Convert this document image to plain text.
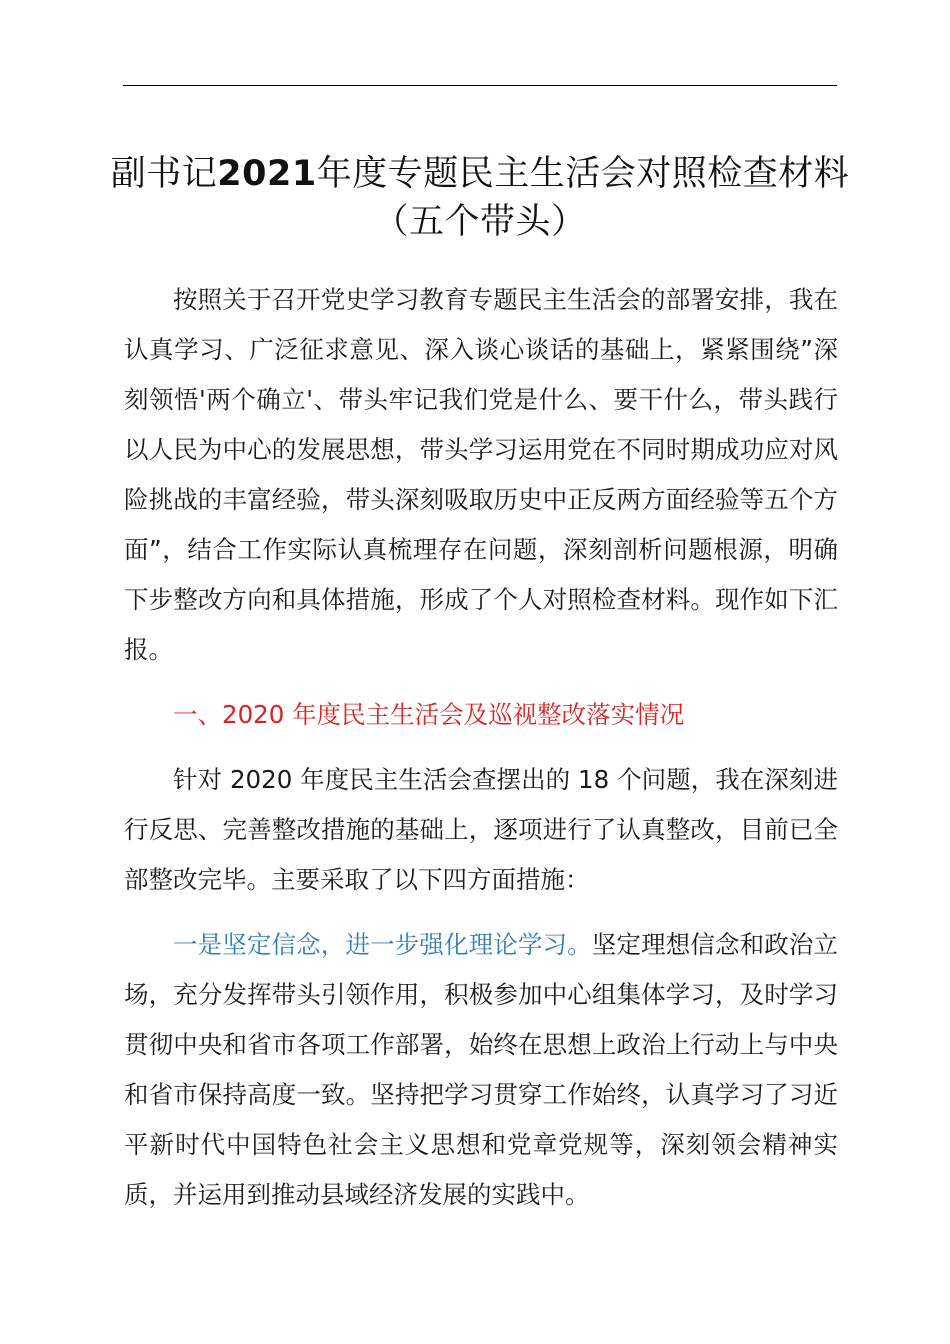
副书记2021年度专题民主生活会对照检查材料（五个带头）

按照关于召开党史学习教育专题民主生活会的部署安排，我在认真学习、广泛征求意见、深入谈心谈话的基础上，紧紧围绕”深刻领悟'两个确立'、带头牢记我们党是什么、要干什么，带头践行以人民为中心的发展思想，带头学习运用党在不同时期成功应对风险挑战的丰富经验，带头深刻吸取历史中正反两方面经验等五个方面”，结合工作实际认真梳理存在问题，深刻剖析问题根源，明确下步整改方向和具体措施，形成了个人对照检查材料。现作如下汇报。

一、2020 年度民主生活会及巡视整改落实情况

针对 2020 年度民主生活会查摆出的 18 个问题，我在深刻进行反思、完善整改措施的基础上，逐项进行了认真整改，目前已全部整改完毕。主要采取了以下四方面措施：

一是坚定信念，进一步强化理论学习。坚定理想信念和政治立场，充分发挥带头引领作用，积极参加中心组集体学习，及时学习贯彻中央和省市各项工作部署，始终在思想上政治上行动上与中央和省市保持高度一致。坚持把学习贯穿工作始终，认真学习了习近平新时代中国特色社会主义思想和党章党规等，深刻领会精神实质，并运用到推动县域经济发展的实践中。
